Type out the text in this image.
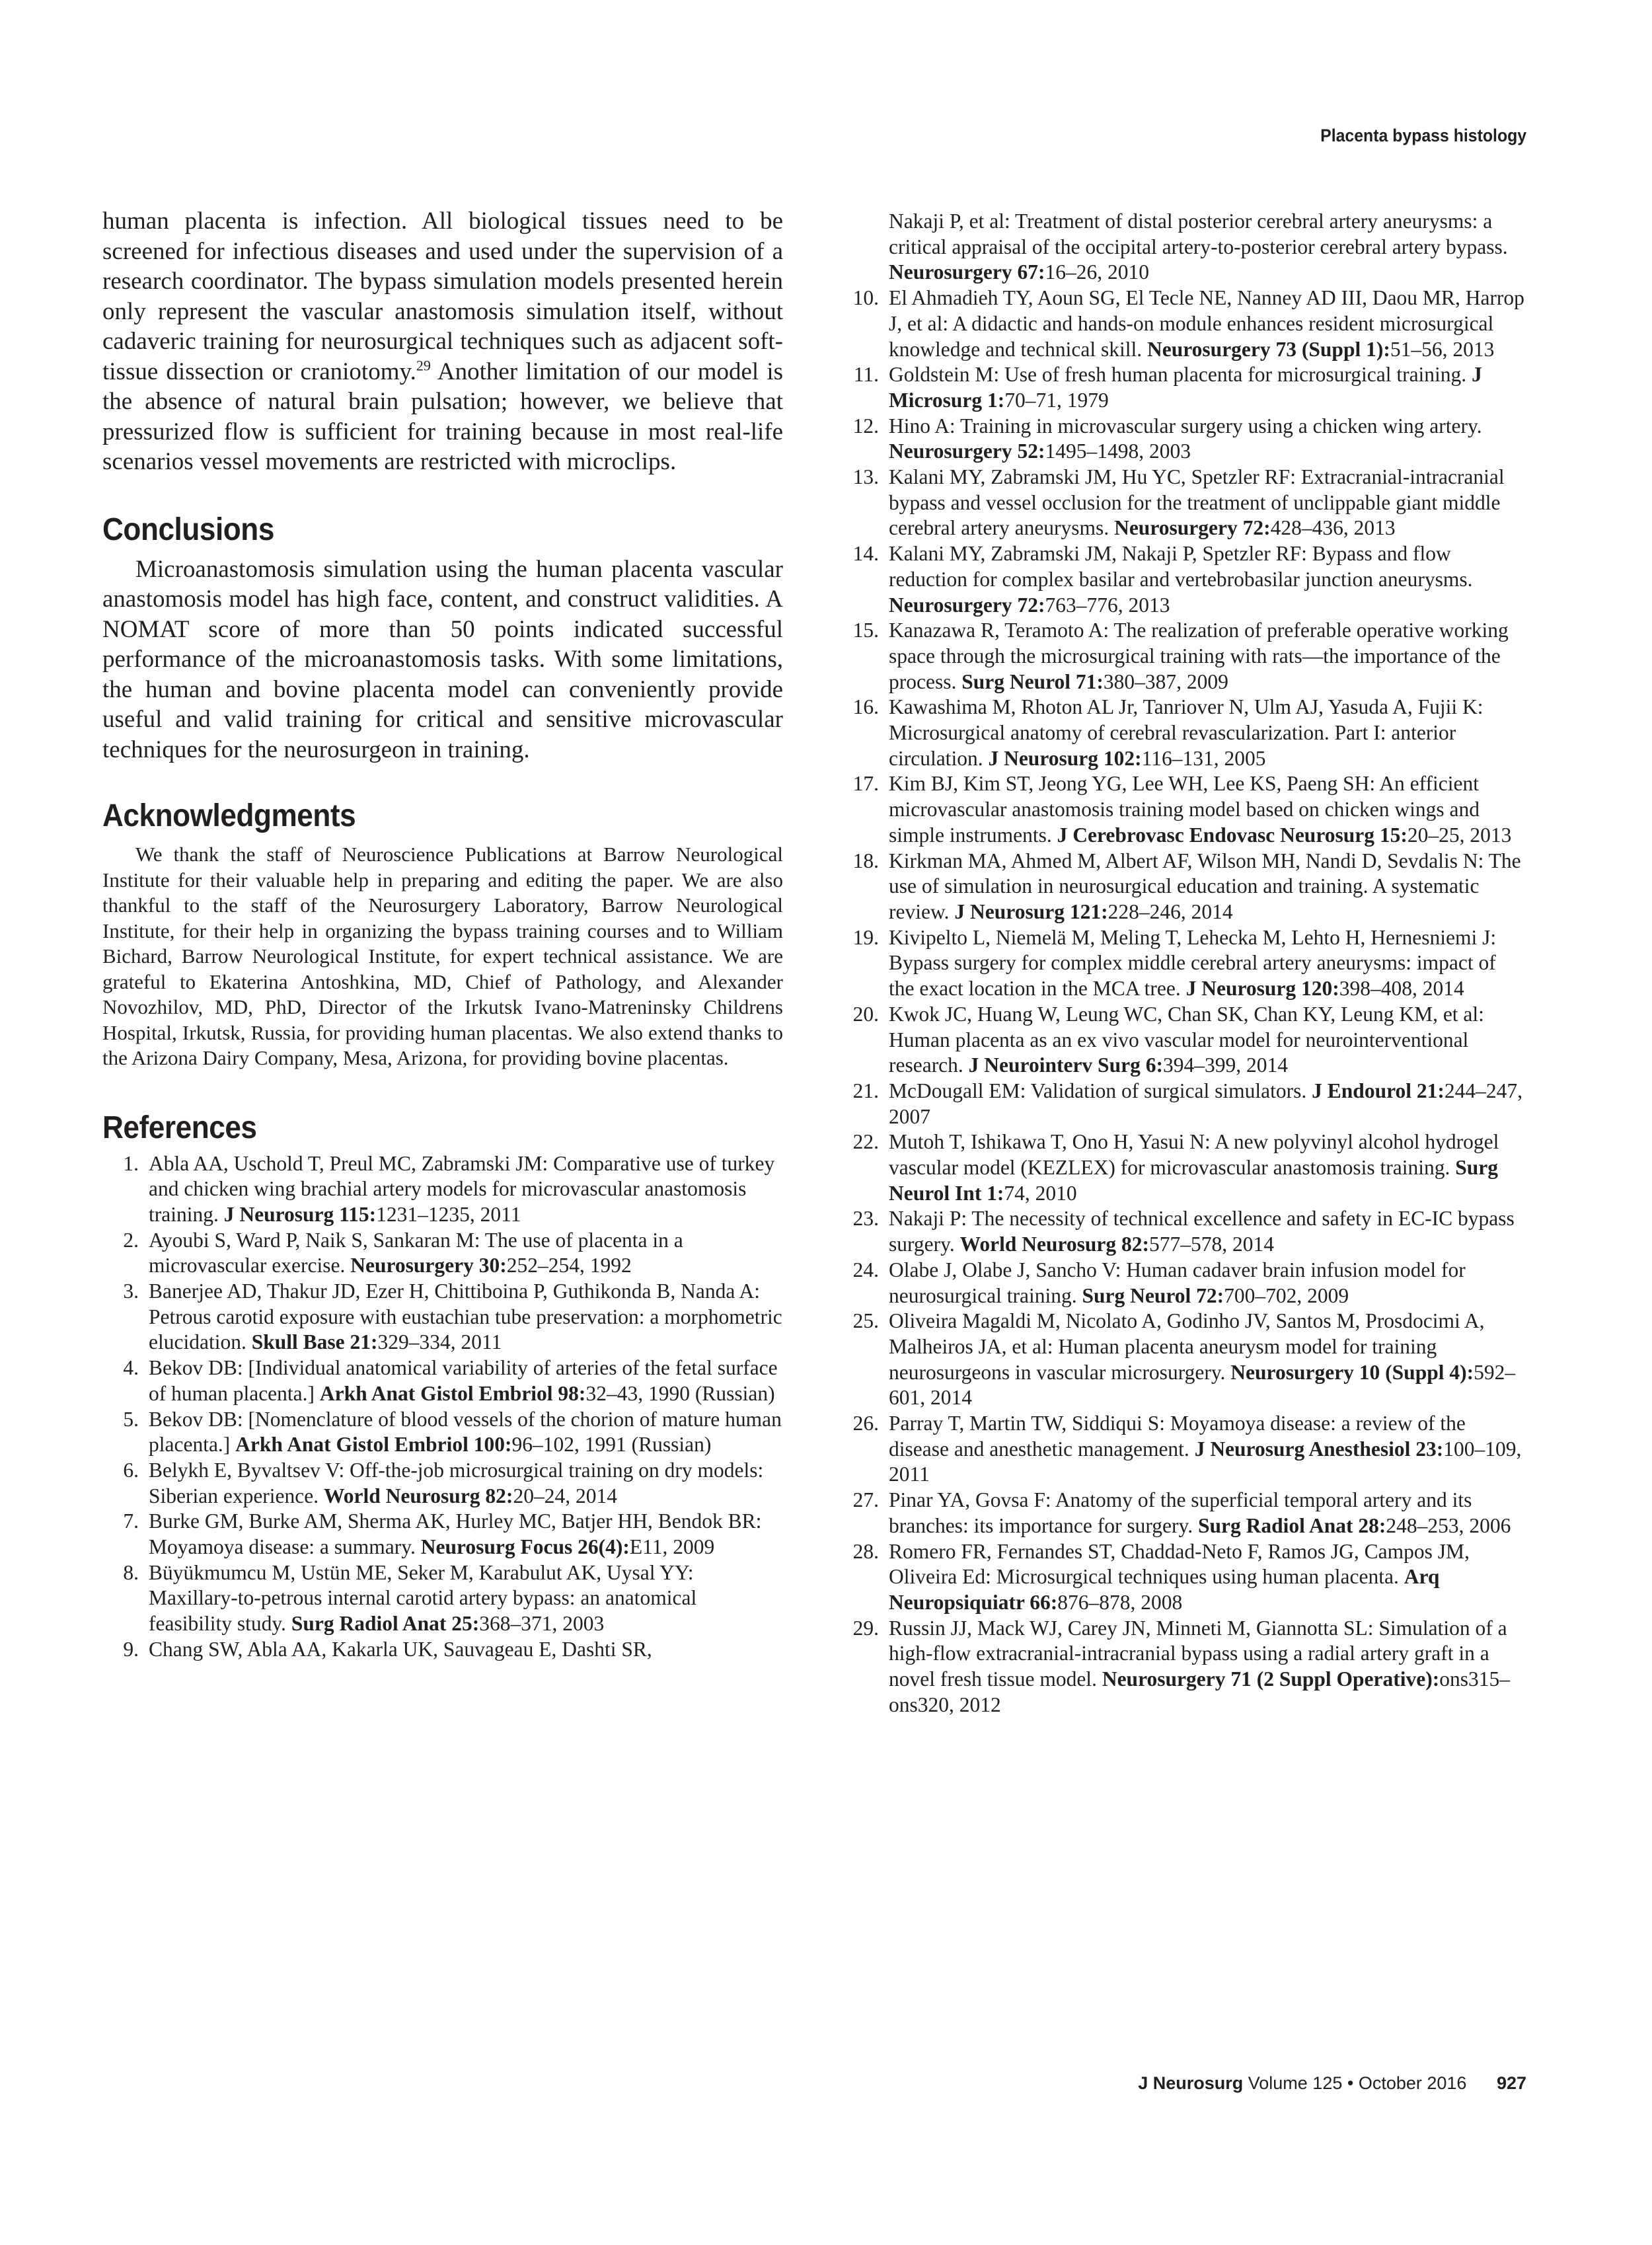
Placenta bypass histology

human placenta is infection. All biological tissues need to be screened for infectious diseases and used under the supervision of a research coordinator. The bypass simulation models presented herein only represent the vascular anastomosis simulation itself, without cadaveric training for neurosurgical techniques such as adjacent soft-tissue dissection or craniotomy.$^{29}$ Another limitation of our model is the absence of natural brain pulsation; however, we believe that pressurized flow is sufficient for training because in most real-life scenarios vessel movements are restricted with microclips.

Conclusions

Microanastomosis simulation using the human placenta vascular anastomosis model has high face, content, and construct validities. A NOMAT score of more than 50 points indicated successful performance of the microanastomosis tasks. With some limitations, the human and bovine placenta model can conveniently provide useful and valid training for critical and sensitive microvascular techniques for the neurosurgeon in training.

Acknowledgments

We thank the staff of Neuroscience Publications at Barrow Neurological Institute for their valuable help in preparing and editing the paper. We are also thankful to the staff of the Neurosurgery Laboratory, Barrow Neurological Institute, for their help in organizing the bypass training courses and to William Bichard, Barrow Neurological Institute, for expert technical assistance. We are grateful to Ekaterina Antoshkina, MD, Chief of Pathology, and Alexander Novozhilov, MD, PhD, Director of the Irkutsk Ivano-Matreninsky Childrens Hospital, Irkutsk, Russia, for providing human placentas. We also extend thanks to the Arizona Dairy Company, Mesa, Arizona, for providing bovine placentas.

References
1. Abla AA, Uschold T, Preul MC, Zabramski JM: Comparative use of turkey and chicken wing brachial artery models for microvascular anastomosis training. J Neurosurg 115:1231–1235, 2011
2. Ayoubi S, Ward P, Naik S, Sankaran M: The use of placenta in a microvascular exercise. Neurosurgery 30:252–254, 1992
3. Banerjee AD, Thakur JD, Ezer H, Chittiboina P, Guthikonda B, Nanda A: Petrous carotid exposure with eustachian tube preservation: a morphometric elucidation. Skull Base 21:329–334, 2011
4. Bekov DB: [Individual anatomical variability of arteries of the fetal surface of human placenta.] Arkh Anat Gistol Embriol 98:32–43, 1990 (Russian)
5. Bekov DB: [Nomenclature of blood vessels of the chorion of mature human placenta.] Arkh Anat Gistol Embriol 100:96–102, 1991 (Russian)
6. Belykh E, Byvaltsev V: Off-the-job microsurgical training on dry models: Siberian experience. World Neurosurg 82:20–24, 2014
7. Burke GM, Burke AM, Sherma AK, Hurley MC, Batjer HH, Bendok BR: Moyamoya disease: a summary. Neurosurg Focus 26(4):E11, 2009
8. Büyükmumcu M, Ustün ME, Seker M, Karabulut AK, Uysal YY: Maxillary-to-petrous internal carotid artery bypass: an anatomical feasibility study. Surg Radiol Anat 25:368–371, 2003
9. Chang SW, Abla AA, Kakarla UK, Sauvageau E, Dashti SR,
Nakaji P, et al: Treatment of distal posterior cerebral artery aneurysms: a critical appraisal of the occipital artery-to-posterior cerebral artery bypass. Neurosurgery 67:16–26, 2010
10. El Ahmadieh TY, Aoun SG, El Tecle NE, Nanney AD III, Daou MR, Harrop J, et al: A didactic and hands-on module enhances resident microsurgical knowledge and technical skill. Neurosurgery 73 (Suppl 1):51–56, 2013
11. Goldstein M: Use of fresh human placenta for microsurgical training. J Microsurg 1:70–71, 1979
12. Hino A: Training in microvascular surgery using a chicken wing artery. Neurosurgery 52:1495–1498, 2003
13. Kalani MY, Zabramski JM, Hu YC, Spetzler RF: Extracranial-intracranial bypass and vessel occlusion for the treatment of unclippable giant middle cerebral artery aneurysms. Neurosurgery 72:428–436, 2013
14. Kalani MY, Zabramski JM, Nakaji P, Spetzler RF: Bypass and flow reduction for complex basilar and vertebrobasilar junction aneurysms. Neurosurgery 72:763–776, 2013
15. Kanazawa R, Teramoto A: The realization of preferable operative working space through the microsurgical training with rats—the importance of the process. Surg Neurol 71:380–387, 2009
16. Kawashima M, Rhoton AL Jr, Tanriover N, Ulm AJ, Yasuda A, Fujii K: Microsurgical anatomy of cerebral revascularization. Part I: anterior circulation. J Neurosurg 102:116–131, 2005
17. Kim BJ, Kim ST, Jeong YG, Lee WH, Lee KS, Paeng SH: An efficient microvascular anastomosis training model based on chicken wings and simple instruments. J Cerebrovasc Endovasc Neurosurg 15:20–25, 2013
18. Kirkman MA, Ahmed M, Albert AF, Wilson MH, Nandi D, Sevdalis N: The use of simulation in neurosurgical education and training. A systematic review. J Neurosurg 121:228–246, 2014
19. Kivipelto L, Niemelä M, Meling T, Lehecka M, Lehto H, Hernesniemi J: Bypass surgery for complex middle cerebral artery aneurysms: impact of the exact location in the MCA tree. J Neurosurg 120:398–408, 2014
20. Kwok JC, Huang W, Leung WC, Chan SK, Chan KY, Leung KM, et al: Human placenta as an ex vivo vascular model for neurointerventional research. J Neurointerv Surg 6:394–399, 2014
21. McDougall EM: Validation of surgical simulators. J Endourol 21:244–247, 2007
22. Mutoh T, Ishikawa T, Ono H, Yasui N: A new polyvinyl alcohol hydrogel vascular model (KEZLEX) for microvascular anastomosis training. Surg Neurol Int 1:74, 2010
23. Nakaji P: The necessity of technical excellence and safety in EC-IC bypass surgery. World Neurosurg 82:577–578, 2014
24. Olabe J, Olabe J, Sancho V: Human cadaver brain infusion model for neurosurgical training. Surg Neurol 72:700–702, 2009
25. Oliveira Magaldi M, Nicolato A, Godinho JV, Santos M, Prosdocimi A, Malheiros JA, et al: Human placenta aneurysm model for training neurosurgeons in vascular microsurgery. Neurosurgery 10 (Suppl 4):592–601, 2014
26. Parray T, Martin TW, Siddiqui S: Moyamoya disease: a review of the disease and anesthetic management. J Neurosurg Anesthesiol 23:100–109, 2011
27. Pinar YA, Govsa F: Anatomy of the superficial temporal artery and its branches: its importance for surgery. Surg Radiol Anat 28:248–253, 2006
28. Romero FR, Fernandes ST, Chaddad-Neto F, Ramos JG, Campos JM, Oliveira Ed: Microsurgical techniques using human placenta. Arq Neuropsiquiatr 66:876–878, 2008
29. Russin JJ, Mack WJ, Carey JN, Minneti M, Giannotta SL: Simulation of a high-flow extracranial-intracranial bypass using a radial artery graft in a novel fresh tissue model. Neurosurgery 71 (2 Suppl Operative):ons315–ons320, 2012
J Neurosurg Volume 125 • October 2016 927
